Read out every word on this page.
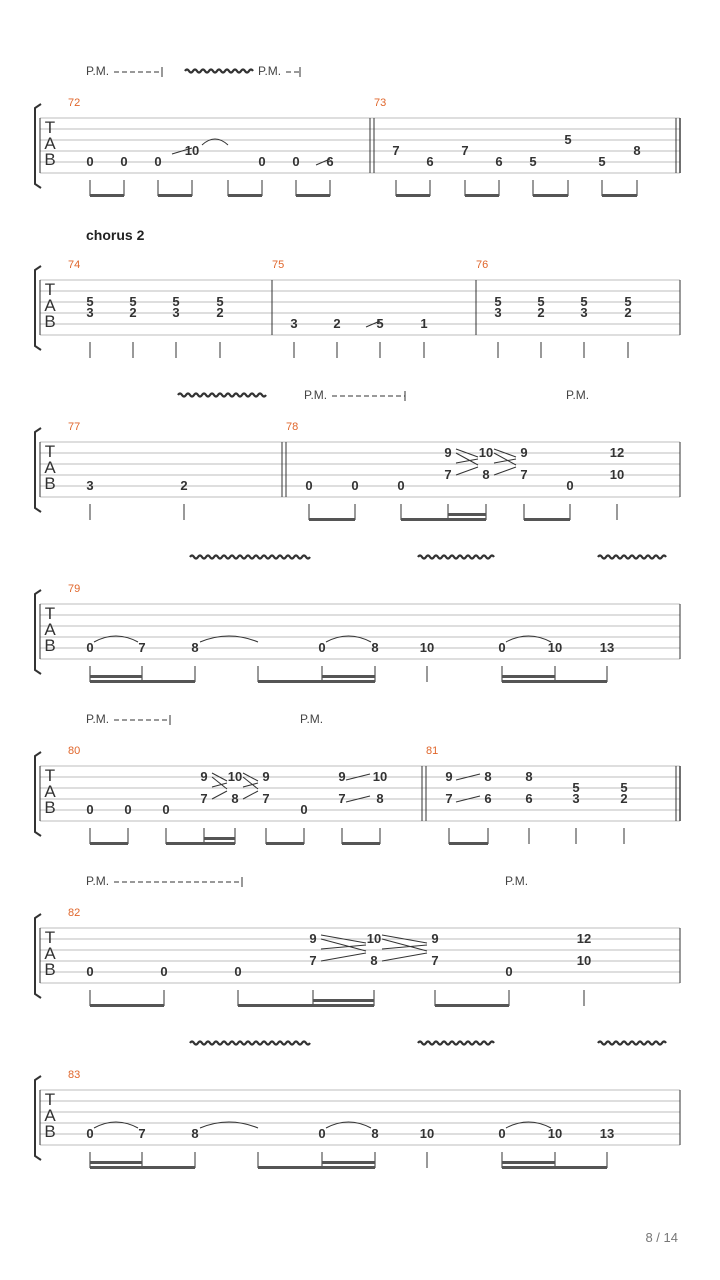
T
A
B
72
0 0 0
10
0 0 6
73
7
6
7
6 5
5
5
8
P.M.	P.M.
T
A
B
chorus 2
74
5
3
5
2
5
3
5
2
75
3	2	5	1
76
5
3
5
2
5
3
5
2
T
A
B
77
3	2
78
0	0	0
9
7
10
8
9
7
0
12
10
P.M.	P.M.
T
A
B
79
0	7	8	0	8	10	0	10	13
T
A
B
80
0 0 0
9
7
10
8
9
7
0
9
7
10
8
81
9
7
8
6
8
6
5
3
5
2
P.M.	P.M.
T
A
B
82
0	0	0
9
7
10
8
9
7
0
12
10
P.M.	P.M.
T
A
B
83
0	7	8	0	8	10	0	10	13
8 / 14
